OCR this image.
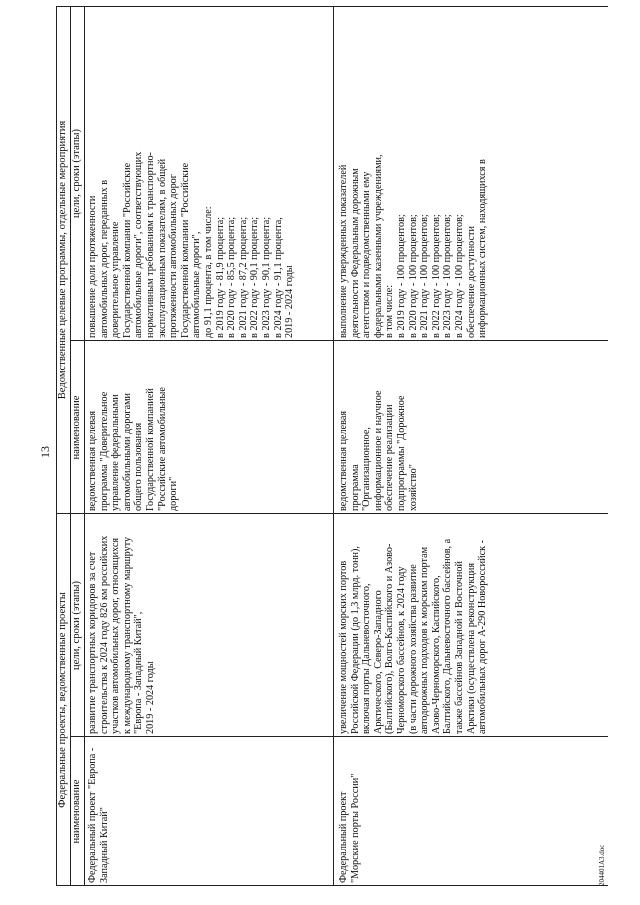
13
Федеральные проекты, ведомственные проекты
Ведомственные целевые программы, отдельные мероприятия
наименование
цели, сроки (этапы)
наименование
цели, сроки (этапы)
Федеральный проект "Европа -
Западный Китай"
развитие транспортных коридоров за счет
строительства к 2024 году 826 км российских
участков автомобильных дорог, относящихся
к международному транспортному маршруту
"Европа - Западный Китай",
2019 - 2024 годы
ведомственная целевая
программа "Доверительное
управление федеральными
автомобильными дорогами
общего пользования
Государственной компанией
"Российские автомобильные
дороги"
повышение доли протяженности
автомобильных дорог, переданных в
доверительное управление
Государственной компании "Российские
автомобильные дороги", соответствующих
нормативным требованиям к транспортно-
эксплуатационным показателям, в общей
протяженности автомобильных дорог
Государственной компании "Российские
автомобильные дороги",
до 91,1 процента, в том числе:
в 2019 году - 81,9 процента;
в 2020 году - 85,5 процента;
в 2021 году - 87,2 процента;
в 2022 году - 90,1 процента;
в 2023 году - 90,1 процента;
в 2024 году - 91,1 процента,
2019 - 2024 годы
Федеральный проект
"Морские порты России"
увеличение мощностей морских портов
Российской Федерации (до 1,3 млрд. тонн),
включая порты Дальневосточного,
Арктического, Северо-Западного
(Балтийского), Волго-Каспийского и Азово-
Черноморского бассейнов, к 2024 году
(в части дорожного хозяйства развитие
автодорожных подходов к морским портам
Азово-Черноморского, Каспийского,
Балтийского, Дальневосточного бассейнов, а
также бассейнов Западной и Восточной
Арктики (осуществлена реконструкция
автомобильных дорог А-290 Новороссийск -
ведомственная целевая
программа
"Организационное,
информационное и научное
обеспечение реализации
подпрограммы "Дорожное
хозяйство"
выполнение утвержденных показателей
деятельности Федеральным дорожным
агентством и подведомственными ему
федеральными казенными учреждениями,
в том числе:
в 2019 году - 100 процентов;
в 2020 году - 100 процентов;
в 2021 году - 100 процентов;
в 2022 году - 100 процентов;
в 2023 году - 100 процентов;
в 2024 году - 100 процентов;
обеспечение доступности
информационных систем, находящихся в
204401A3.doc
